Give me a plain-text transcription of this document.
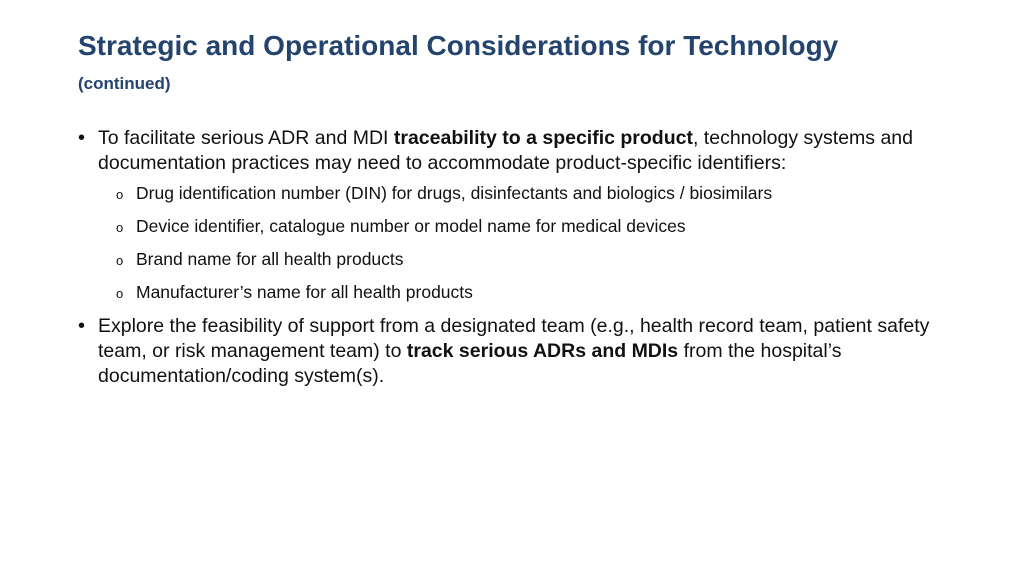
Strategic and Operational Considerations for Technology
(continued)
• To facilitate serious ADR and MDI traceability to a specific product, technology systems and documentation practices may need to accommodate product-specific identifiers:
o Drug identification number (DIN) for drugs, disinfectants and biologics / biosimilars
o Device identifier, catalogue number or model name for medical devices
o Brand name for all health products
o Manufacturer’s name for all health products
• Explore the feasibility of support from a designated team (e.g., health record team, patient safety team, or risk management team) to track serious ADRs and MDIs from the hospital’s documentation/coding system(s).
